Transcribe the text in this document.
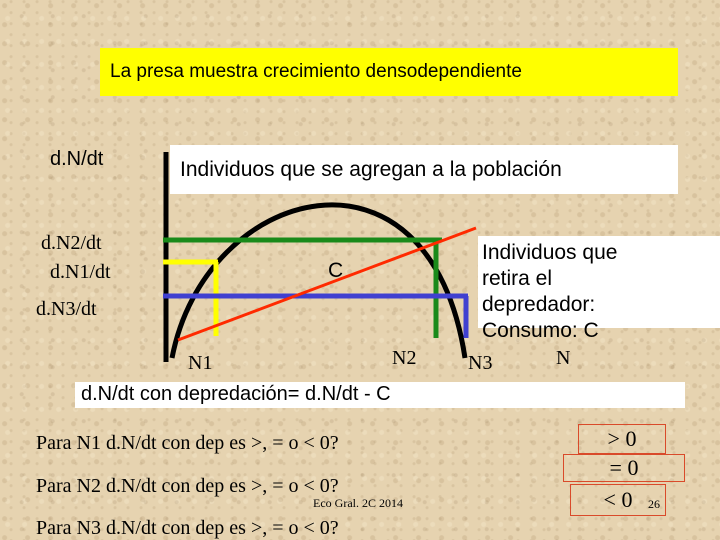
La presa muestra crecimiento densodependiente
Individuos que se agregan a la población
Individuos que
retira el
depredador:
Consumo: C
d.N/dt
d.N2/dt
d.N1/dt
d.N3/dt
C
N1	N2	N3	N
d.N/dt con depredación= d.N/dt - C
Para N1 d.N/dt con dep es >, = o < 0?
Para N2 d.N/dt con dep es >, = o < 0?
Para N3 d.N/dt con dep es >, = o < 0?
> 0
= 0
< 0
Eco Gral. 2C 2014	26
